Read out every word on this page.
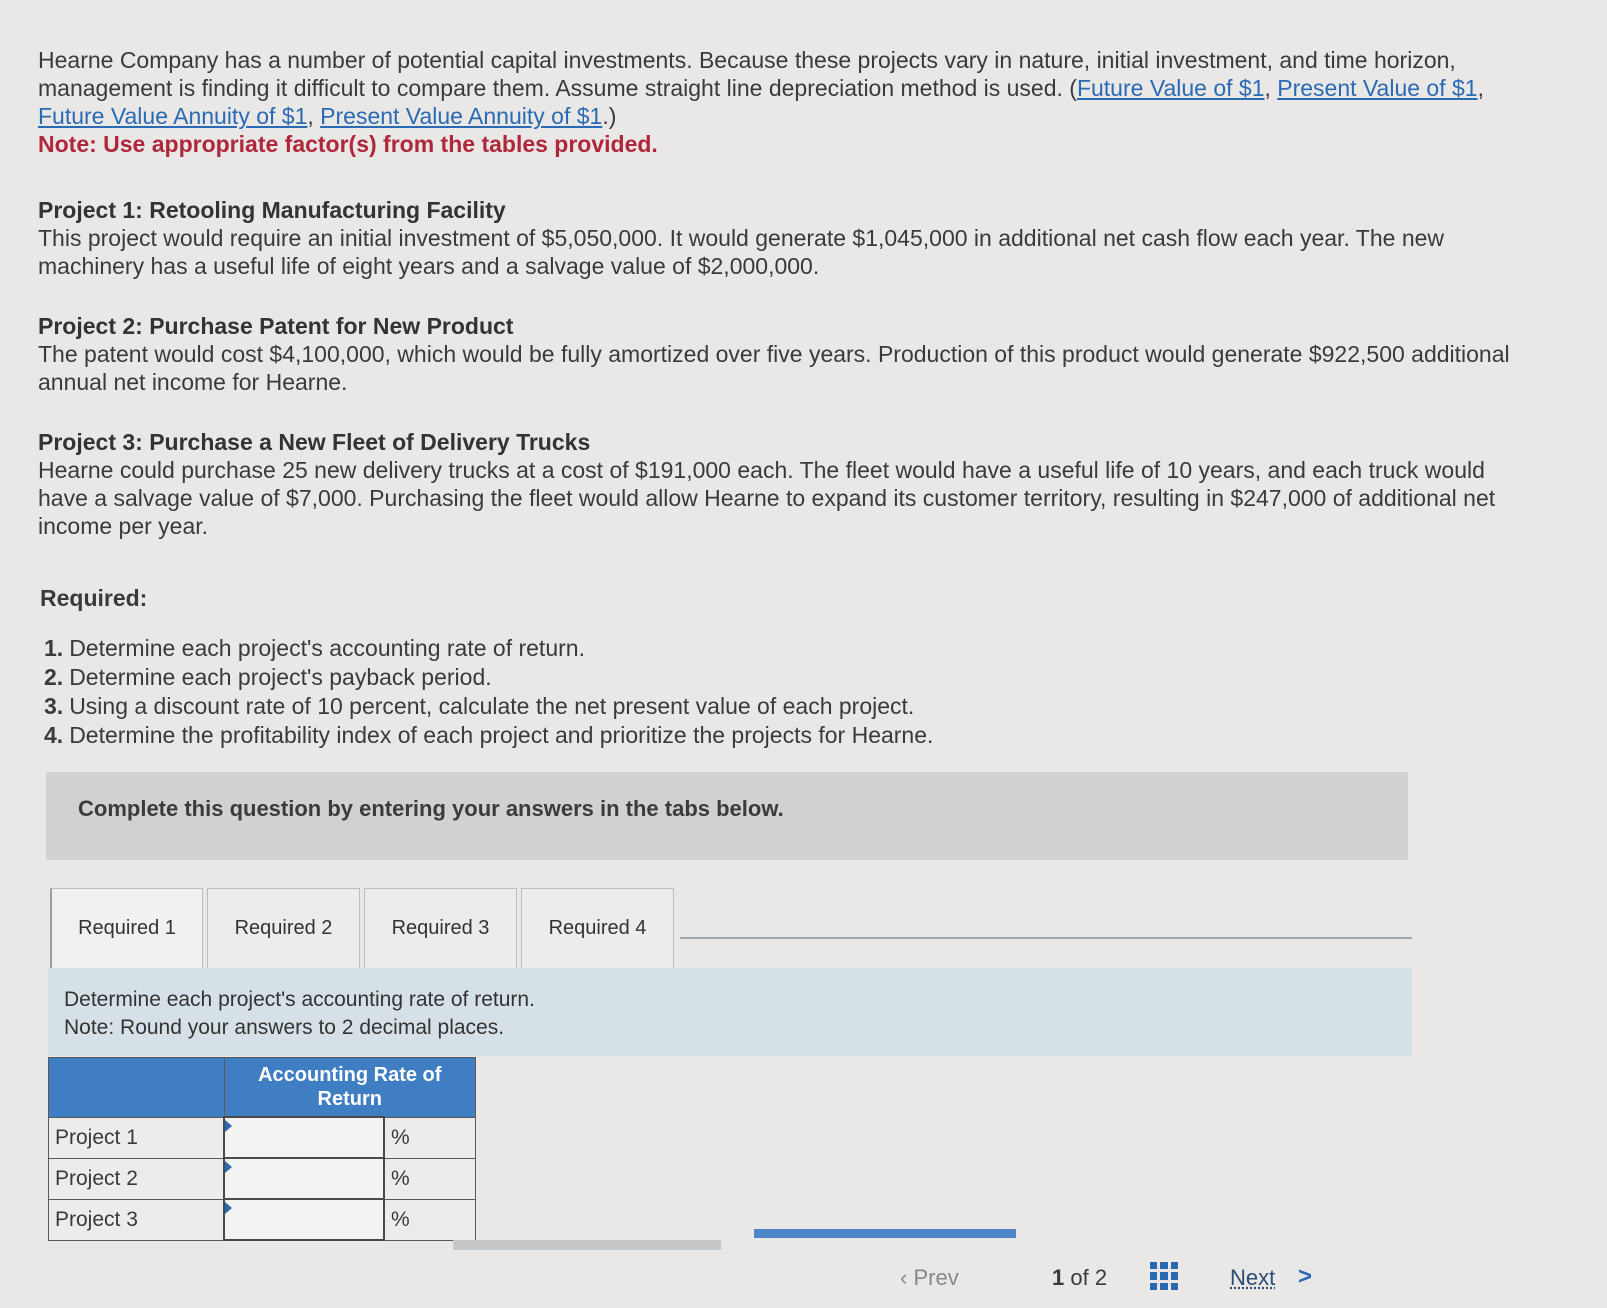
Hearne Company has a number of potential capital investments. Because these projects vary in nature, initial investment, and time horizon, management is finding it difficult to compare them. Assume straight line depreciation method is used. (Future Value of $1, Present Value of $1, Future Value Annuity of $1, Present Value Annuity of $1.)
Note: Use appropriate factor(s) from the tables provided.
Project 1: Retooling Manufacturing Facility

This project would require an initial investment of $5,050,000. It would generate $1,045,000 in additional net cash flow each year. The new machinery has a useful life of eight years and a salvage value of $2,000,000.

Project 2: Purchase Patent for New Product

The patent would cost $4,100,000, which would be fully amortized over five years. Production of this product would generate $922,500 additional annual net income for Hearne.

Project 3: Purchase a New Fleet of Delivery Trucks

Hearne could purchase 25 new delivery trucks at a cost of $191,000 each. The fleet would have a useful life of 10 years, and each truck would have a salvage value of $7,000. Purchasing the fleet would allow Hearne to expand its customer territory, resulting in $247,000 of additional net income per year.

Required:
1. Determine each project's accounting rate of return.
2. Determine each project's payback period.
3. Using a discount rate of 10 percent, calculate the net present value of each project.
4. Determine the profitability index of each project and prioritize the projects for Hearne.
Complete this question by entering your answers in the tabs below.
Required 1	Required 2	Required 3	Required 4
Determine each project's accounting rate of return.
Note: Round your answers to 2 decimal places.
	Accounting Rate of Return	
Project 1		%
Project 2		%
Project 3		%
‹ Prev	1 of 2	Next >
